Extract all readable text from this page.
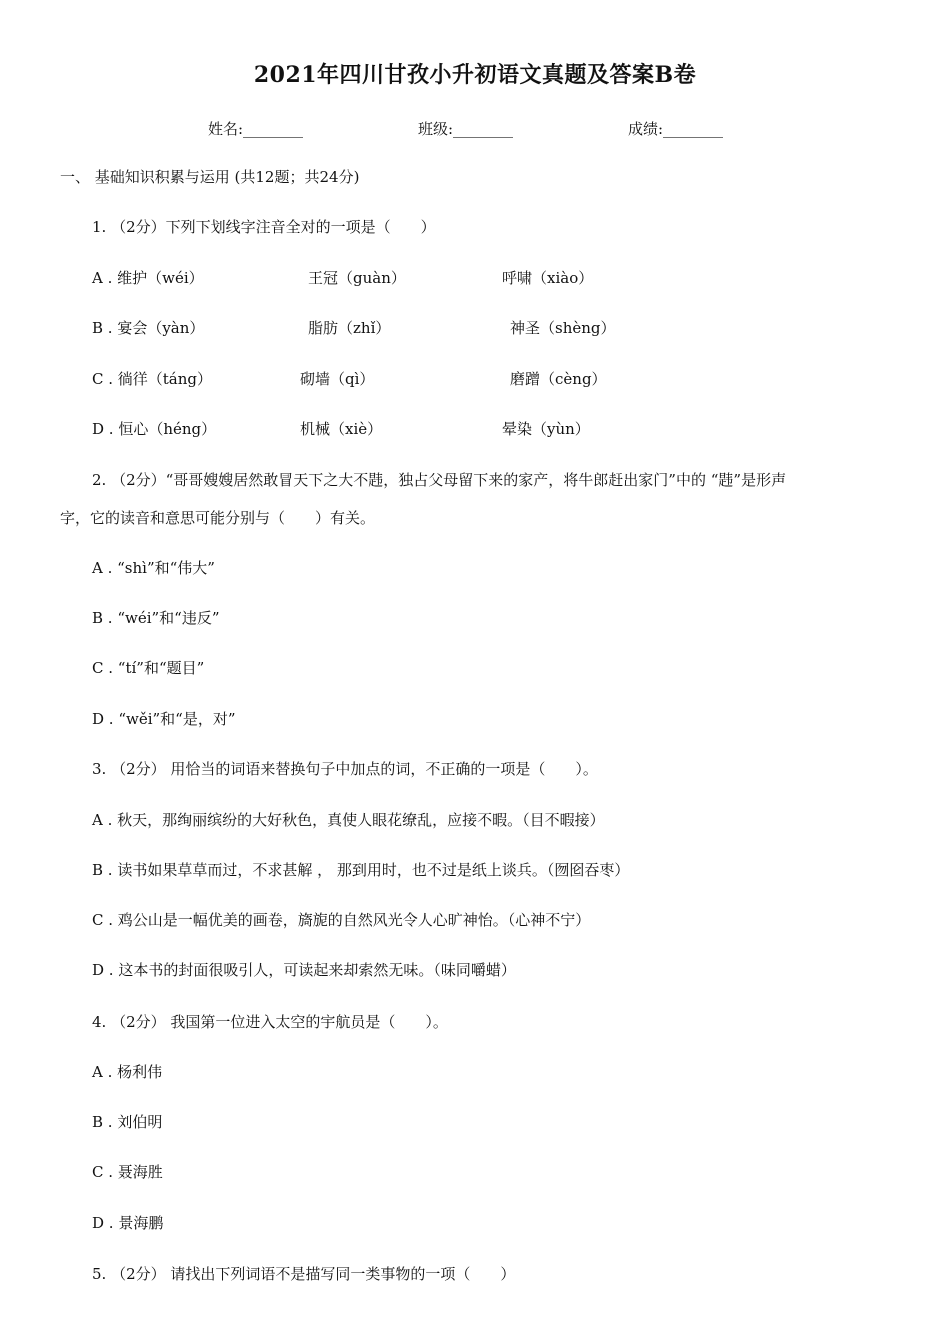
2021年四川甘孜小升初语文真题及答案B卷
姓名:________	班级:________	成绩:________
一、 基础知识积累与运用 (共12题；共24分)
1. （2分）下列下划线字注音全对的一项是（　　）
A . 维护（wéi）	王冠（guàn）	呼啸（xiào）
B . 宴会（yàn）	脂肪（zhǐ）	神圣（shèng）
C . 徜徉（táng）	砌墙（qì）	磨蹭（cèng）
D . 恒心（héng）	机械（xiè）	晕染（yùn）
2. （2分）“哥哥嫂嫂居然敢冒天下之大不韪，独占父母留下来的家产，将牛郎赶出家门”中的 “韪”是形声
字，它的读音和意思可能分别与（　　）有关。
A . “shì”和“伟大”
B . “wéi”和“违反”
C . “tí”和“题目”
D . “wěi”和“是，对”
3. （2分） 用恰当的词语来替换句子中加点的词，不正确的一项是（　　）。
A . 秋天，那绚丽缤纷的大好秋色，真使人眼花缭乱，应接不暇。（目不暇接）
B . 读书如果草草而过，不求甚解 ， 那到用时，也不过是纸上谈兵。（囫囵吞枣）
C . 鸡公山是一幅优美的画卷，旖旎的自然风光令人心旷神怡。（心神不宁）
D . 这本书的封面很吸引人，可读起来却索然无味。（味同嚼蜡）
4. （2分） 我国第一位进入太空的宇航员是（　　）。
A . 杨利伟
B . 刘伯明
C . 聂海胜
D . 景海鹏
5. （2分） 请找出下列词语不是描写同一类事物的一项（　　）
